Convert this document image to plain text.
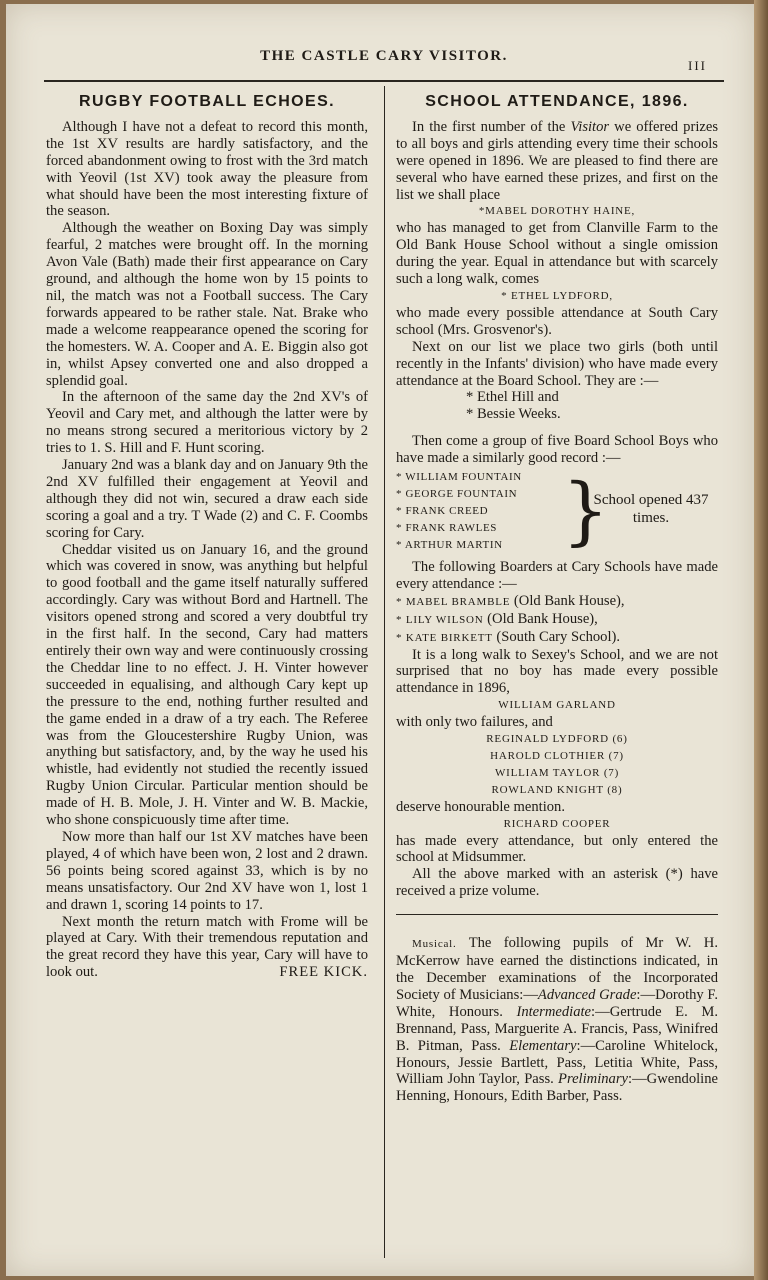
THE CASTLE CARY VISITOR.
III
RUGBY FOOTBALL ECHOES.

Although I have not a defeat to record this month, the 1st XV results are hardly satisfactory, and the forced abandonment owing to frost with the 3rd match with Yeovil (1st XV) took away the pleasure from what should have been the most interesting fixture of the season.

Although the weather on Boxing Day was simply fearful, 2 matches were brought off. In the morning Avon Vale (Bath) made their first appearance on Cary ground, and although the home won by 15 points to nil, the match was not a Football success. The Cary forwards appeared to be rather stale. Nat. Brake who made a welcome reappearance opened the scoring for the homesters. W. A. Cooper and A. E. Biggin also got in, whilst Apsey converted one and also dropped a splendid goal.

In the afternoon of the same day the 2nd XV's of Yeovil and Cary met, and although the latter were by no means strong secured a meritorious victory by 2 tries to 1. S. Hill and F. Hunt scoring.

January 2nd was a blank day and on January 9th the 2nd XV fulfilled their engagement at Yeovil and although they did not win, secured a draw each side scoring a goal and a try. T Wade (2) and C. F. Coombs scoring for Cary.

Cheddar visited us on January 16, and the ground which was covered in snow, was anything but helpful to good football and the game itself naturally suffered accordingly. Cary was without Bord and Hartnell. The visitors opened strong and scored a very doubtful try in the first half. In the second, Cary had matters entirely their own way and were continuously crossing the Cheddar line to no effect. J. H. Vinter however succeeded in equalising, and although Cary kept up the pressure to the end, nothing further resulted and the game ended in a draw of a try each. The Referee was from the Gloucestershire Rugby Union, was anything but satisfactory, and, by the way he used his whistle, had evidently not studied the recently issued Rugby Union Circular. Particular mention should be made of H. B. Mole, J. H. Vinter and W. B. Mackie, who shone conspicuously time after time.

Now more than half our 1st XV matches have been played, 4 of which have been won, 2 lost and 2 drawn. 56 points being scored against 33, which is by no means unsatisfactory. Our 2nd XV have won 1, lost 1 and drawn 1, scoring 14 points to 17.

Next month the return match with Frome will be played at Cary. With their tremendous reputation and the great record they have this year, Cary will have to look out.	FREE KICK.

SCHOOL ATTENDANCE, 1896.

In the first number of the Visitor we offered prizes to all boys and girls attending every time their schools were opened in 1896. We are pleased to find there are several who have earned these prizes, and first on the list we shall place

*MABEL DOROTHY HAINE,

who has managed to get from Clanville Farm to the Old Bank House School without a single omission during the year. Equal in attendance but with scarcely such a long walk, comes

* ETHEL LYDFORD,

who made every possible attendance at South Cary school (Mrs. Grosvenor's).

Next on our list we place two girls (both until recently in the Infants' division) who have made every attendance at the Board School. They are :—

* Ethel Hill and

* Bessie Weeks.

Then come a group of five Board School Boys who have made a similarly good record :—

* WILLIAM FOUNTAIN
* GEORGE FOUNTAIN
* FRANK CREED
* FRANK RAWLES
* ARTHUR MARTIN }
School opened 437 times.

The following Boarders at Cary Schools have made every attendance :—

* MABEL BRAMBLE (Old Bank House),

* LILY WILSON (Old Bank House),

* KATE BIRKETT (South Cary School).

It is a long walk to Sexey's School, and we are not surprised that no boy has made every possible attendance in 1896,

WILLIAM GARLAND

with only two failures, and

REGINALD LYDFORD (6)

HAROLD CLOTHIER (7)

WILLIAM TAYLOR (7)

ROWLAND KNIGHT (8)

deserve honourable mention.

RICHARD COOPER

has made every attendance, but only entered the school at Midsummer.

All the above marked with an asterisk (*) have received a prize volume.

Musical. The following pupils of Mr W. H. McKerrow have earned the distinctions indicated, in the December examinations of the Incorporated Society of Musicians:—Advanced Grade:—Dorothy F. White, Honours. Intermediate:—Gertrude E. M. Brennand, Pass, Marguerite A. Francis, Pass, Winifred B. Pitman, Pass. Elementary:—Caroline Whitelock, Honours, Jessie Bartlett, Pass, Letitia White, Pass, William John Taylor, Pass. Preliminary:—Gwendoline Henning, Honours, Edith Barber, Pass.
